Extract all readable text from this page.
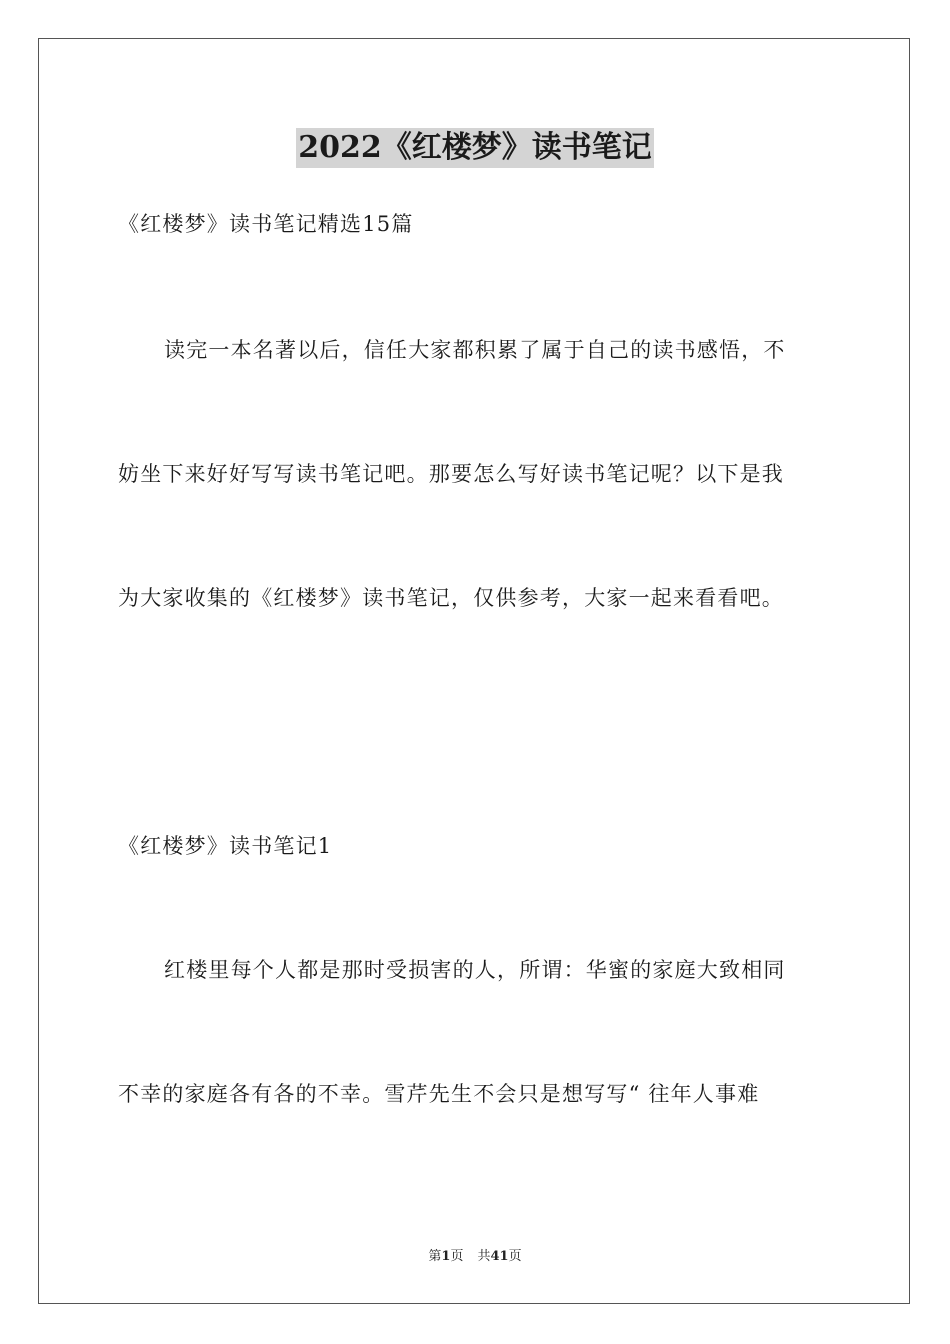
2022《红楼梦》读书笔记
《红楼梦》读书笔记精选15篇
读完一本名著以后，信任大家都积累了属于自己的读书感悟，不
妨坐下来好好写写读书笔记吧。那要怎么写好读书笔记呢？以下是我
为大家收集的《红楼梦》读书笔记，仅供参考，大家一起来看看吧。
《红楼梦》读书笔记1
红楼里每个人都是那时受损害的人，所谓：华蜜的家庭大致相同
不幸的家庭各有各的不幸。雪芹先生不会只是想写写“ 往年人事难
第1页 共41页
